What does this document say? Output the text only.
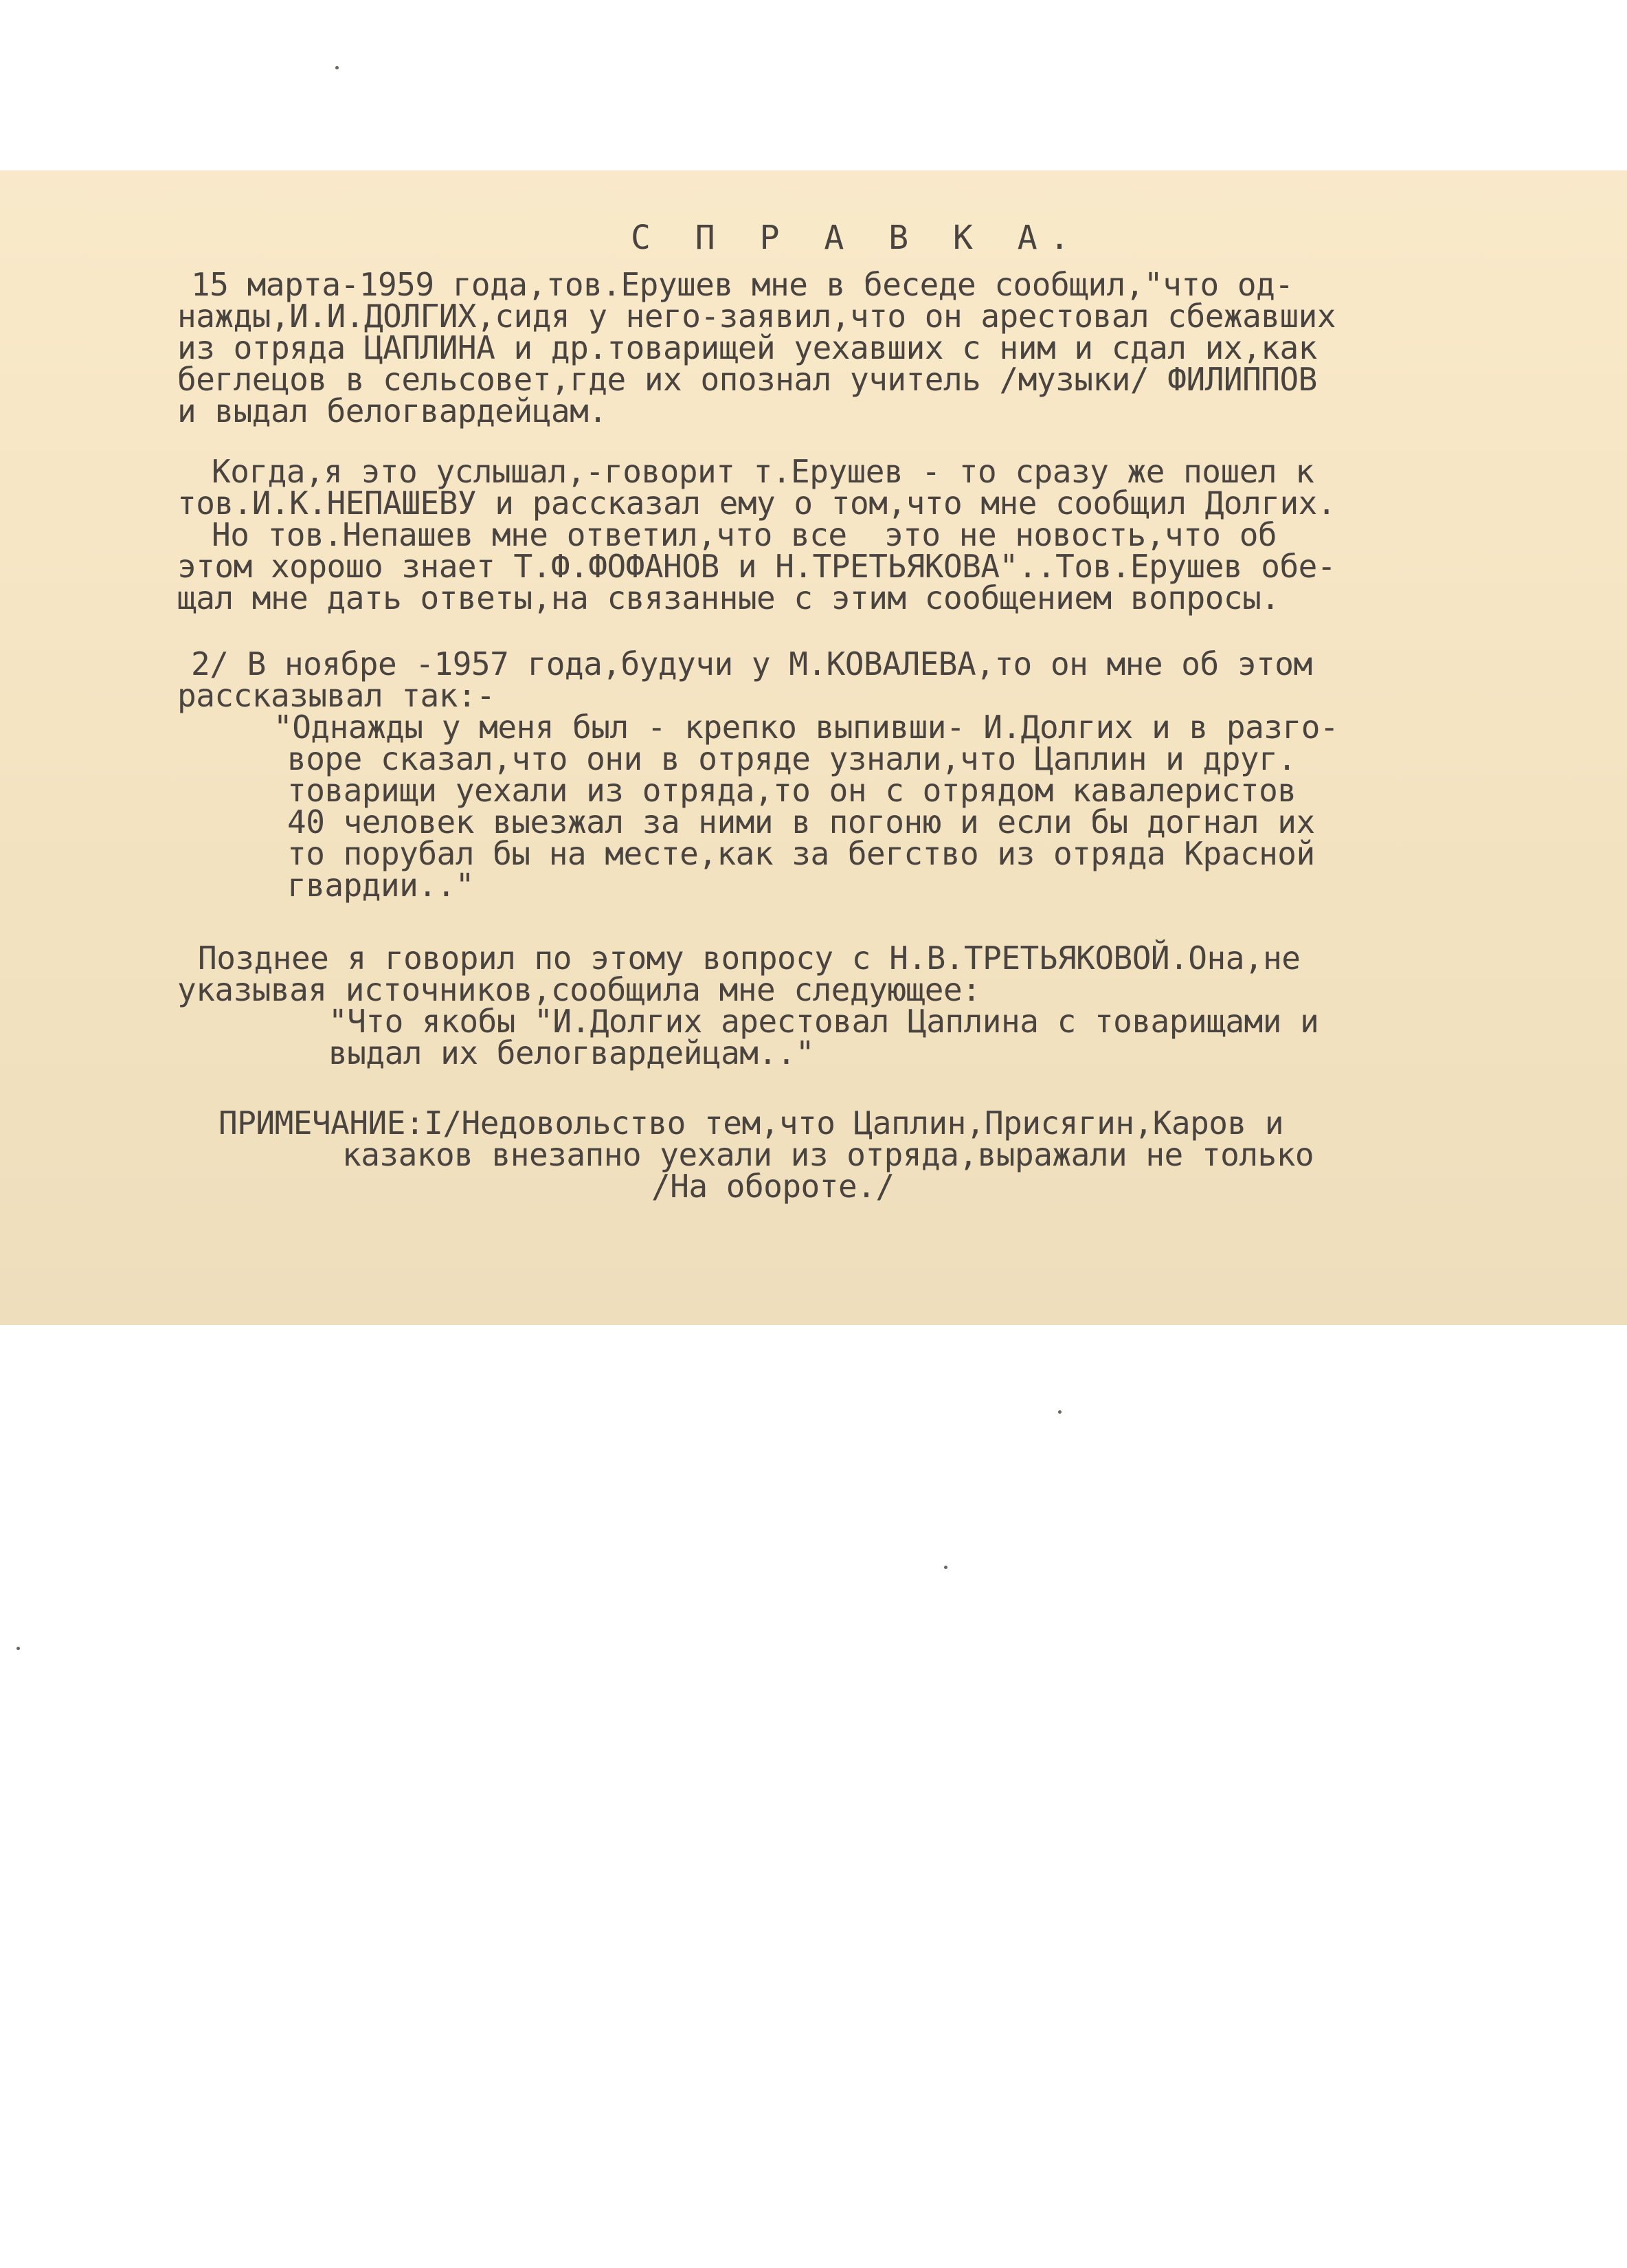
С П Р А В К А.
15 марта-1959 года,тов.Ерушев мне в беседе сообщил,"что од-
нажды,И.И.ДОЛГИХ,сидя у него-заявил,что он арестовал сбежавших
из отряда ЦАПЛИНА и др.товарищей уехавших с ним и сдал их,как
беглецов в сельсовет,где их опознал учитель /музыки/ ФИЛИППОВ
и выдал белогвардейцам.
Когда,я это услышал,-говорит т.Ерушев - то сразу же пошел к
тов.И.К.НЕПАШЕВУ и рассказал ему о том,что мне сообщил Долгих.
Но тов.Непашев мне ответил,что все  это не новость,что об
этом хорошо знает Т.Ф.ФОФАНОВ и Н.ТРЕТЬЯКОВА"..Тов.Ерушев обе-
щал мне дать ответы,на связанные с этим сообщением вопросы.
2/ В ноябре -1957 года,будучи у М.КОВАЛЕВА,то он мне об этом
рассказывал так:-
"Однажды у меня был - крепко выпивши- И.Долгих и в разго-
воре сказал,что они в отряде узнали,что Цаплин и друг.
товарищи уехали из отряда,то он с отрядом кавалеристов
40 человек выезжал за ними в погоню и если бы догнал их
то порубал бы на месте,как за бегство из отряда Красной
гвардии.."
Позднее я говорил по этому вопросу с Н.В.ТРЕТЬЯКОВОЙ.Она,не
указывая источников,сообщила мне следующее:
"Что якобы "И.Долгих арестовал Цаплина с товарищами и
выдал их белогвардейцам.."
ПРИМЕЧАНИЕ:I/Недовольство тем,что Цаплин,Присягин,Каров и
казаков внезапно уехали из отряда,выражали не только
/На обороте./
